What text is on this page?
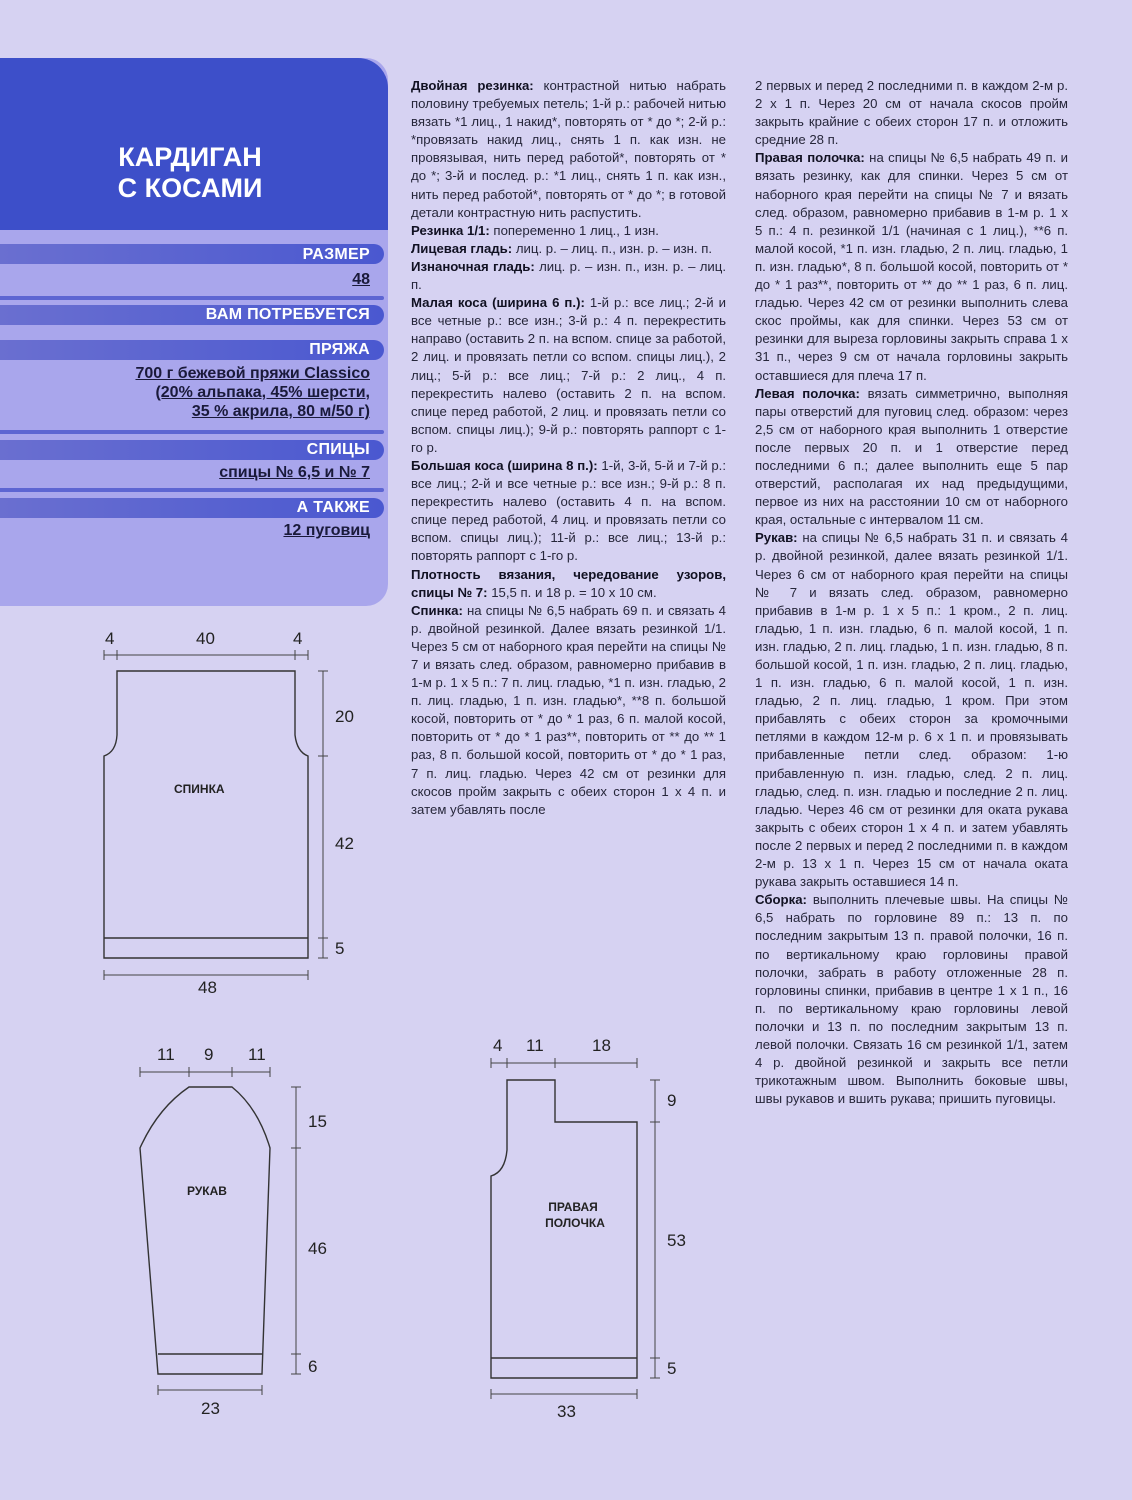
КАРДИГАН
С КОСАМИ
РАЗМЕР
48
ВАМ ПОТРЕБУЕТСЯ
ПРЯЖА
700 г бежевой пряжи Classico
(20% альпака, 45% шерсти,
35 % акрила, 80 м/50 г)
СПИЦЫ
спицы № 6,5 и № 7
А ТАКЖЕ
12 пуговиц

Двойная резинка: контрастной нитью набрать половину требуемых петель; 1-й р.: рабочей нитью вязать *1 лиц., 1 накид*, повторять от * до *; 2-й р.: *провязать накид лиц., снять 1 п. как изн. не провязывая, нить перед работой*, повторять от * до *; 3-й и послед. р.: *1 лиц., снять 1 п. как изн., нить перед работой*, повторять от * до *; в готовой детали контрастную нить распустить.

Резинка 1/1: попеременно 1 лиц., 1 изн.

Лицевая гладь: лиц. р. – лиц. п., изн. р. – изн. п.

Изнаночная гладь: лиц. р. – изн. п., изн. р. – лиц. п.

Малая коса (ширина 6 п.): 1-й р.: все лиц.; 2-й и все четные р.: все изн.; 3-й р.: 4 п. перекрестить направо (оставить 2 п. на вспом. спице за работой, 2 лиц. и провязать петли со вспом. спицы лиц.), 2 лиц.; 5-й р.: все лиц.; 7-й р.: 2 лиц., 4 п. перекрестить налево (оставить 2 п. на вспом. спице перед работой, 2 лиц. и провязать петли со вспом. спицы лиц.); 9-й р.: повторять раппорт с 1-го р.

Большая коса (ширина 8 п.): 1-й, 3-й, 5-й и 7-й р.: все лиц.; 2-й и все четные р.: все изн.; 9-й р.: 8 п. перекрестить налево (оставить 4 п. на вспом. спице перед работой, 4 лиц. и провязать петли со вспом. спицы лиц.); 11-й р.: все лиц.; 13-й р.: повторять раппорт с 1-го р.

Плотность вязания, чередование узоров, спицы № 7: 15,5 п. и 18 р. = 10 х 10 см.

Спинка: на спицы № 6,5 набрать 69 п. и связать 4 р. двойной резинкой. Далее вязать резинкой 1/1. Через 5 см от наборного края перейти на спицы № 7 и вязать след. образом, равномерно прибавив в 1-м р. 1 х 5 п.: 7 п. лиц. гладью, *1 п. изн. гладью, 2 п. лиц. гладью, 1 п. изн. гладью*, **8 п. большой косой, повторить от * до * 1 раз, 6 п. малой косой, повторить от * до * 1 раз**, повторить от ** до ** 1 раз, 8 п. большой косой, повторить от * до * 1 раз, 7 п. лиц. гладью. Через 42 см от резинки для скосов пройм закрыть с обеих сторон 1 х 4 п. и затем убавлять после

2 первых и перед 2 последними п. в каждом 2-м р. 2 х 1 п. Через 20 см от начала скосов пройм закрыть крайние с обеих сторон 17 п. и отложить средние 28 п.

Правая полочка: на спицы № 6,5 набрать 49 п. и вязать резинку, как для спинки. Через 5 см от наборного края перейти на спицы № 7 и вязать след. образом, равномерно прибавив в 1-м р. 1 х 5 п.: 4 п. резинкой 1/1 (начиная с 1 лиц.), **6 п. малой косой, *1 п. изн. гладью, 2 п. лиц. гладью, 1 п. изн. гладью*, 8 п. большой косой, повторить от * до * 1 раз**, повторить от ** до ** 1 раз, 6 п. лиц. гладью. Через 42 см от резинки выполнить слева скос проймы, как для спинки. Через 53 см от резинки для выреза горловины закрыть справа 1 х 31 п., через 9 см от начала горловины закрыть оставшиеся для плеча 17 п.

Левая полочка: вязать симметрично, выполняя пары отверстий для пуговиц след. образом: через 2,5 см от наборного края выполнить 1 отверстие после первых 20 п. и 1 отверстие перед последними 6 п.; далее выполнить еще 5 пар отверстий, располагая их над предыдущими, первое из них на расстоянии 10 см от наборного края, остальные с интервалом 11 см.

Рукав: на спицы № 6,5 набрать 31 п. и связать 4 р. двойной резинкой, далее вязать резинкой 1/1. Через 6 см от наборного края перейти на спицы № 7 и вязать след. образом, равномерно прибавив в 1-м р. 1 х 5 п.: 1 кром., 2 п. лиц. гладью, 1 п. изн. гладью, 6 п. малой косой, 1 п. изн. гладью, 2 п. лиц. гладью, 1 п. изн. гладью, 8 п. большой косой, 1 п. изн. гладью, 2 п. лиц. гладью, 1 п. изн. гладью, 6 п. малой косой, 1 п. изн. гладью, 2 п. лиц. гладью, 1 кром. При этом прибавлять с обеих сторон за кромочными петлями в каждом 12-м р. 6 х 1 п. и провязывать прибавленные петли след. образом: 1-ю прибавленную п. изн. гладью, след. 2 п. лиц. гладью, след. п. изн. гладью и последние 2 п. лиц. гладью. Через 46 см от резинки для оката рукава закрыть с обеих сторон 1 х 4 п. и затем убавлять после 2 первых и перед 2 последними п. в каждом 2-м р. 13 х 1 п. Через 15 см от начала оката рукава закрыть оставшиеся 14 п.

Сборка: выполнить плечевые швы. На спицы № 6,5 набрать по горловине 89 п.: 13 п. по последним закрытым 13 п. правой полочки, 16 п. по вертикальному краю горловины правой полочки, забрать в работу отложенные 28 п. горловины спинки, прибавив в центре 1 х 1 п., 16 п. по вертикальному краю горловины левой полочки и 13 п. по последним закрытым 13 п. левой полочки. Связать 16 см резинкой 1/1, затем 4 р. двойной резинкой и закрыть все петли трикотажным швом. Выполнить боковые швы, швы рукавов и вшить рукава; пришить пуговицы.

4	40	4
20
42
5
48
СПИНКА
11 9 11
15
46
6
23
РУКАВ
4 11	18
9
53
5
33
ПРАВАЯ
ПОЛОЧКА
